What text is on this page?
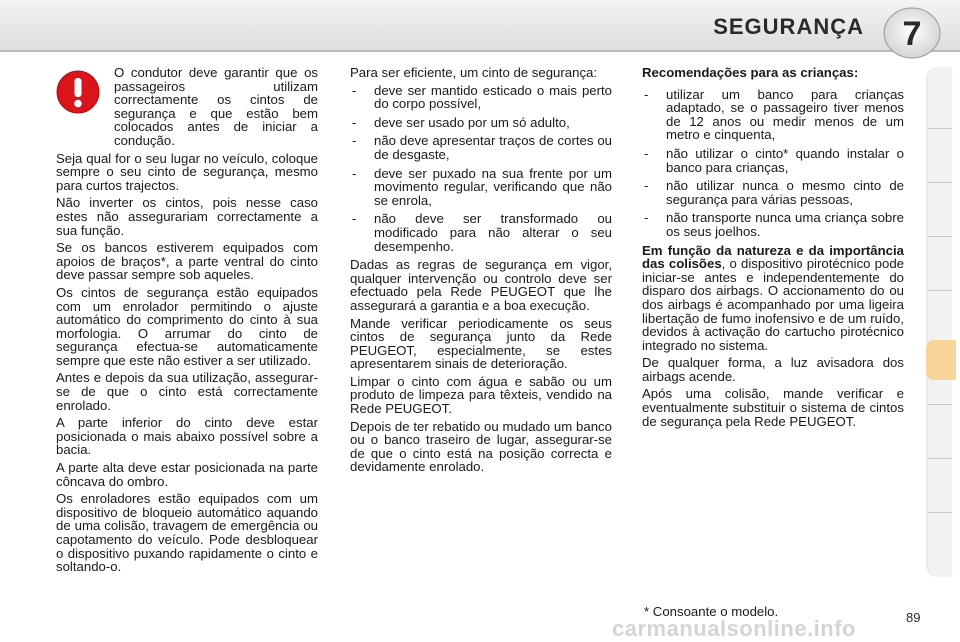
SEGURANÇA 7

O condutor deve garantir que os passageiros utilizam correctamente os cintos de segurança e que estão bem colocados antes de iniciar a condução.

Seja qual for o seu lugar no veículo, coloque sempre o seu cinto de segurança, mesmo para curtos trajectos.

Não inverter os cintos, pois nesse caso estes não assegurariam correctamente a sua função.

Se os bancos estiverem equipados com apoios de braços*, a parte ventral do cinto deve passar sempre sob aqueles.

Os cintos de segurança estão equipados com um enrolador permitindo o ajuste automático do comprimento do cinto à sua morfologia. O arrumar do cinto de segurança efectua-se automaticamente sempre que este não estiver a ser utilizado.

Antes e depois da sua utilização, assegurar-se de que o cinto está correctamente enrolado.

A parte inferior do cinto deve estar posicionada o mais abaixo possível sobre a bacia.

A parte alta deve estar posicionada na parte côncava do ombro.

Os enroladores estão equipados com um dispositivo de bloqueio automático aquando de uma colisão, travagem de emergência ou capotamento do veículo. Pode desbloquear o dispositivo puxando rapidamente o cinto e soltando-o.

Para ser eficiente, um cinto de segurança:

- deve ser mantido esticado o mais perto do corpo possível,
- deve ser usado por um só adulto,
- não deve apresentar traços de cortes ou de desgaste,
- deve ser puxado na sua frente por um movimento regular, verificando que não se enrola,
- não deve ser transformado ou modificado para não alterar o seu desempenho.

Dadas as regras de segurança em vigor, qualquer intervenção ou controlo deve ser efectuado pela Rede PEUGEOT que lhe assegurará a garantia e a boa execução.

Mande verificar periodicamente os seus cintos de segurança junto da Rede PEUGEOT, especialmente, se estes apresentarem sinais de deterioração.

Limpar o cinto com água e sabão ou um produto de limpeza para têxteis, vendido na Rede PEUGEOT.

Depois de ter rebatido ou mudado um banco ou o banco traseiro de lugar, assegurar-se de que o cinto está na posição correcta e devidamente enrolado.

Recomendações para as crianças:

- utilizar um banco para crianças adaptado, se o passageiro tiver menos de 12 anos ou medir menos de um metro e cinquenta,
- não utilizar o cinto* quando instalar o banco para crianças,
- não utilizar nunca o mesmo cinto de segurança para várias pessoas,
- não transporte nunca uma criança sobre os seus joelhos.

Em função da natureza e da importância das colisões, o dispositivo pirotécnico pode iniciar-se antes e independentemente do disparo dos airbags. O accionamento do ou dos airbags é acompanhado por uma ligeira libertação de fumo inofensivo e de um ruído, devidos à activação do cartucho pirotécnico integrado no sistema.

De qualquer forma, a luz avisadora dos airbags acende.

Após uma colisão, mande verificar e eventualmente substituir o sistema de cintos de segurança pela Rede PEUGEOT.

* Consoante o modelo.
carmanualsonline.info	89
